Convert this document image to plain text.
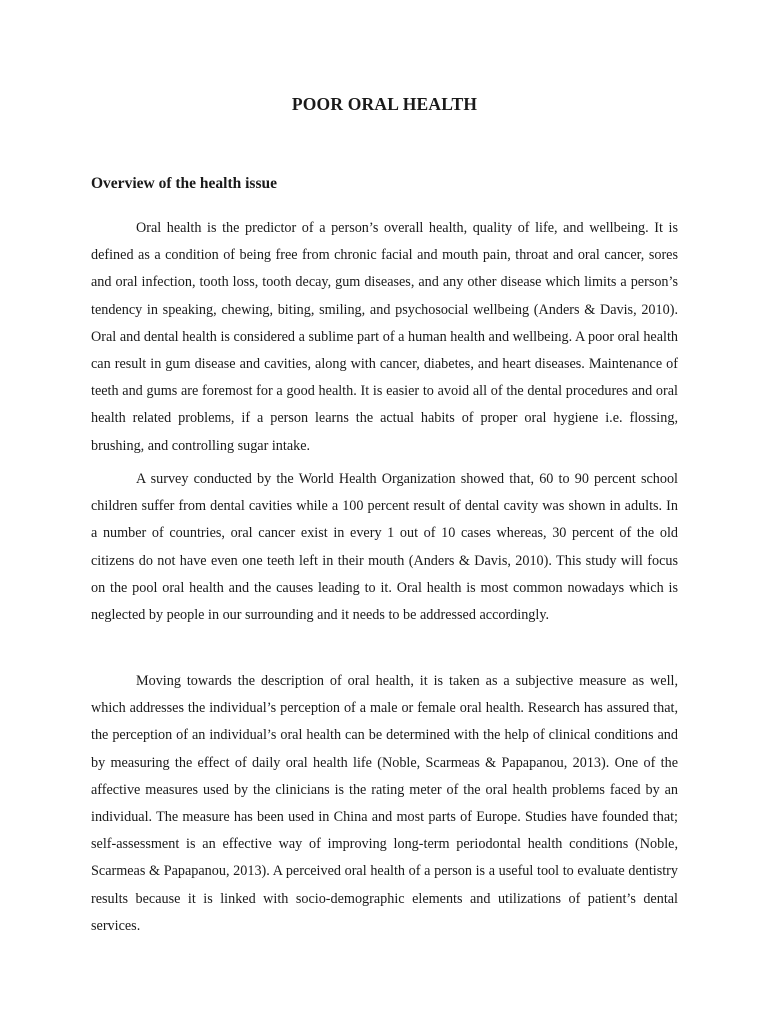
POOR ORAL HEALTH
Overview of the health issue

Oral health is the predictor of a person’s overall health, quality of life, and wellbeing. It is defined as a condition of being free from chronic facial and mouth pain, throat and oral cancer, sores and oral infection, tooth loss, tooth decay, gum diseases, and any other disease which limits a person’s tendency in speaking, chewing, biting, smiling, and psychosocial wellbeing (Anders & Davis, 2010). Oral and dental health is considered a sublime part of a human health and wellbeing. A poor oral health can result in gum disease and cavities, along with cancer, diabetes, and heart diseases. Maintenance of teeth and gums are foremost for a good health. It is easier to avoid all of the dental procedures and oral health related problems, if a person learns the actual habits of proper oral hygiene i.e. flossing, brushing, and controlling sugar intake.

A survey conducted by the World Health Organization showed that, 60 to 90 percent school children suffer from dental cavities while a 100 percent result of dental cavity was shown in adults. In a number of countries, oral cancer exist in every 1 out of 10 cases whereas, 30 percent of the old citizens do not have even one teeth left in their mouth (Anders & Davis, 2010). This study will focus on the pool oral health and the causes leading to it. Oral health is most common nowadays which is neglected by people in our surrounding and it needs to be addressed accordingly.

Moving towards the description of oral health, it is taken as a subjective measure as well, which addresses the individual’s perception of a male or female oral health. Research has assured that, the perception of an individual’s oral health can be determined with the help of clinical conditions and by measuring the effect of daily oral health life (Noble, Scarmeas & Papapanou, 2013). One of the affective measures used by the clinicians is the rating meter of the oral health problems faced by an individual. The measure has been used in China and most parts of Europe. Studies have founded that; self-assessment is an effective way of improving long-term periodontal health conditions (Noble, Scarmeas & Papapanou, 2013). A perceived oral health of a person is a useful tool to evaluate dentistry results because it is linked with socio-demographic elements and utilizations of patient’s dental services.
